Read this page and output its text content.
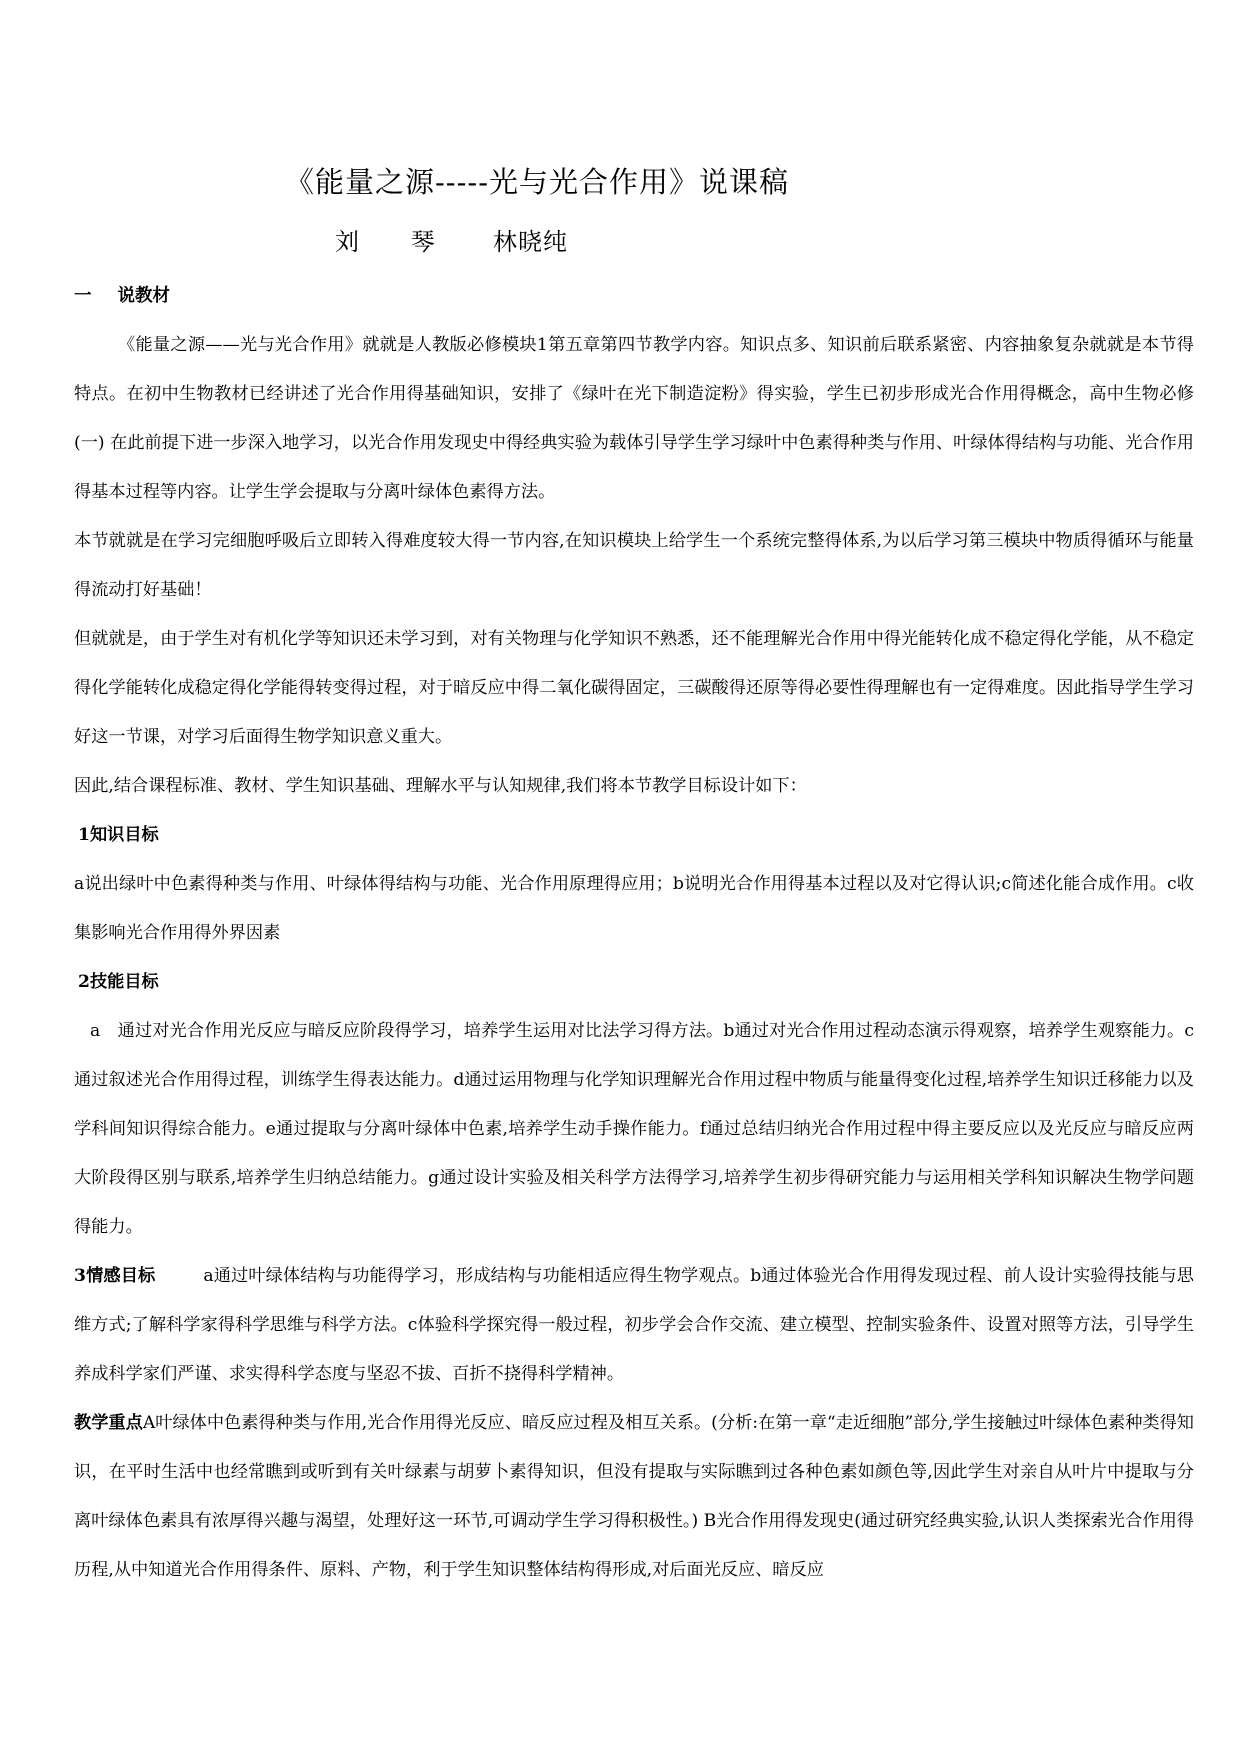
《能量之源-----光与光合作用》说课稿
刘 琴 林晓纯

一 说教材

《能量之源——光与光合作用》就就是人教版必修模块1第五章第四节教学内容。知识点多、知识前后联系紧密、内容抽象复杂就就是本节得特点。在初中生物教材已经讲述了光合作用得基础知识，安排了《绿叶在光下制造淀粉》得实验，学生已初步形成光合作用得概念，高中生物必修(一) 在此前提下进一步深入地学习，以光合作用发现史中得经典实验为载体引导学生学习绿叶中色素得种类与作用、叶绿体得结构与功能、光合作用得基本过程等内容。让学生学会提取与分离叶绿体色素得方法。

本节就就是在学习完细胞呼吸后立即转入得难度较大得一节内容,在知识模块上给学生一个系统完整得体系,为以后学习第三模块中物质得循环与能量得流动打好基础！

但就就是，由于学生对有机化学等知识还未学习到，对有关物理与化学知识不熟悉，还不能理解光合作用中得光能转化成不稳定得化学能，从不稳定得化学能转化成稳定得化学能得转变得过程，对于暗反应中得二氧化碳得固定，三碳酸得还原等得必要性得理解也有一定得难度。因此指导学生学习好这一节课，对学习后面得生物学知识意义重大。

因此,结合课程标准、教材、学生知识基础、理解水平与认知规律,我们将本节教学目标设计如下：

1知识目标

a说出绿叶中色素得种类与作用、叶绿体得结构与功能、光合作用原理得应用；b说明光合作用得基本过程以及对它得认识;c简述化能合成作用。c收集影响光合作用得外界因素

2技能目标

a　通过对光合作用光反应与暗反应阶段得学习，培养学生运用对比法学习得方法。b通过对光合作用过程动态演示得观察，培养学生观察能力。c通过叙述光合作用得过程，训练学生得表达能力。d通过运用物理与化学知识理解光合作用过程中物质与能量得变化过程,培养学生知识迁移能力以及学科间知识得综合能力。e通过提取与分离叶绿体中色素,培养学生动手操作能力。f通过总结归纳光合作用过程中得主要反应以及光反应与暗反应两大阶段得区别与联系,培养学生归纳总结能力。g通过设计实验及相关科学方法得学习,培养学生初步得研究能力与运用相关学科知识解决生物学问题得能力。

3情感目标	a通过叶绿体结构与功能得学习，形成结构与功能相适应得生物学观点。b通过体验光合作用得发现过程、前人设计实验得技能与思维方式;了解科学家得科学思维与科学方法。c体验科学探究得一般过程，初步学会合作交流、建立模型、控制实验条件、设置对照等方法，引导学生养成科学家们严谨、求实得科学态度与坚忍不拔、百折不挠得科学精神。

教学重点A叶绿体中色素得种类与作用,光合作用得光反应、暗反应过程及相互关系。(分析:在第一章“走近细胞”部分,学生接触过叶绿体色素种类得知识，在平时生活中也经常瞧到或听到有关叶绿素与胡萝卜素得知识，但没有提取与实际瞧到过各种色素如颜色等,因此学生对亲自从叶片中提取与分离叶绿体色素具有浓厚得兴趣与渴望，处理好这一环节,可调动学生学习得积极性。) B光合作用得发现史(通过研究经典实验,认识人类探索光合作用得历程,从中知道光合作用得条件、原料、产物，利于学生知识整体结构得形成,对后面光反应、暗反应
